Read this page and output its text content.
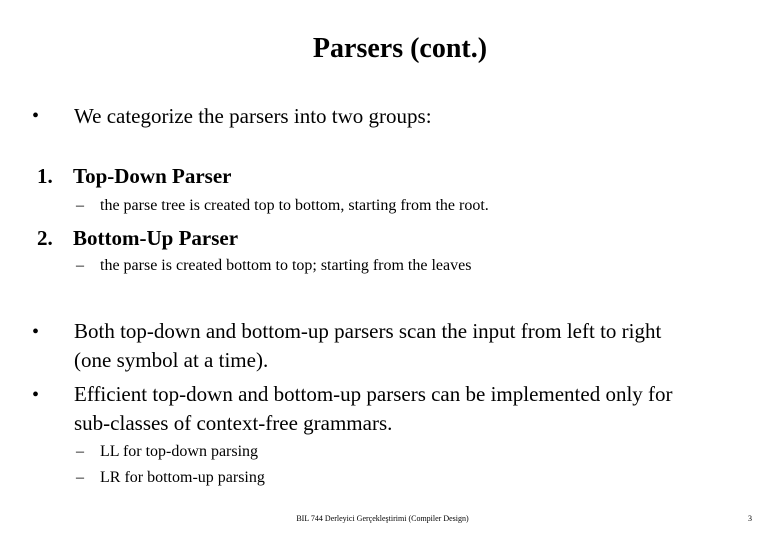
Parsers (cont.)
• We categorize the parsers into two groups:
1. Top-Down Parser
– the parse tree is created top to bottom, starting from the root.
2. Bottom-Up Parser
– the parse is created bottom to top; starting from the leaves
• Both top-down and bottom-up parsers scan the input from left to right
(one symbol at a time).
• Efficient top-down and bottom-up parsers can be implemented only for
sub-classes of context-free grammars.
– LL for top-down parsing
– LR for bottom-up parsing
BIL 744 Derleyici Gerçekleştirimi (Compiler Design)	3
